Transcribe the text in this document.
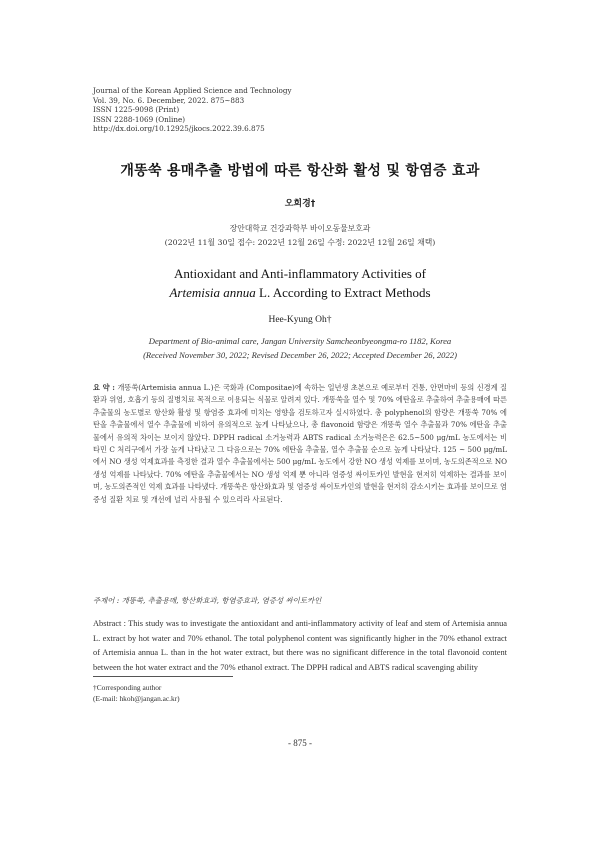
Journal of the Korean Applied Science and Technology
Vol. 39, No. 6. December, 2022. 875~883
ISSN 1225-9098 (Print)
ISSN 2288-1069 (Online)
http://dx.doi.org/10.12925/jkocs.2022.39.6.875
개똥쑥 용매추출 방법에 따른 항산화 활성 및 항염증 효과
오희경†
장안대학교 건강과학부 바이오동물보호과
(2022년 11월 30일 접수: 2022년 12월 26일 수정: 2022년 12월 26일 채택)
Antioxidant and Anti-inflammatory Activities of
Artemisia annua L. According to Extract Methods
Hee-Kyung Oh†
Department of Bio-animal care, Jangan University Samcheonbyeongma-ro 1182, Korea
(Received November 30, 2022; Revised December 26, 2022; Accepted December 26, 2022)
요 약 : 개똥쑥(Artemisia annua L.)은 국화과 (Compositae)에 속하는 일년생 초본으로 예로부터 건통, 안면마비 등의 신경계 질환과 위염, 호흡기 등의 질병치료 목적으로 이용되는 식물로 알려져 있다. 개똥쑥을 열수 및 70% 에탄올로 추출하여 추출용매에 따른 추출물의 농도별로 항산화 활성 및 항염증 효과에 미치는 영향을 검토하고자 실시하였다. 총 polyphenol의 함량은 개똥쑥 70% 에탄올 추출물에서 열수 추출물에 비하여 유의적으로 높게 나타났으나, 총 flavonoid 함량은 개똥쑥 열수 추출물과 70% 에탄올 추출물에서 유의적 차이는 보이지 않았다. DPPH radical 소거능력과 ABTS radical 소거능력은은 62.5~500 μg/mL 농도에서는 비타민 C 처리구에서 가장 높게 나타났고 그 다음으로는 70% 에탄올 추출물, 열수 추출물 순으로 높게 나타났다. 125 ~ 500 μg/mL에서 NO 생성 억제효과를 측정한 결과 열수 추출물에서는 500 μg/mL 농도에서 강한 NO 생성 억제를 보이며, 농도의존적으로 NO 생성 억제를 나타났다. 70% 에탄올 추출물에서는 NO 생성 억제 뿐 아니라 염증성 싸이토카인 발현을 현저히 억제하는 결과를 보이며, 농도의존적인 억제 효과를 나타냈다. 개똥쑥은 항산화효과 및 염증성 싸이토카인의 발현을 현저히 감소시키는 효과를 보이므로 염증성 질환 치료 및 개선에 널리 사용될 수 있으리라 사료된다.
주제어 : 개똥쑥, 추출용매, 항산화효과, 항염증효과, 염증성 싸이토카인
Abstract : This study was to investigate the antioxidant and anti-inflammatory activity of leaf and stem of Artemisia annua L. extract by hot water and 70% ethanol. The total polyphenol content was significantly higher in the 70% ethanol extract of Artemisia annua L. than in the hot water extract, but there was no significant difference in the total flavonoid content between the hot water extract and the 70% ethanol extract. The DPPH radical and ABTS radical scavenging ability
†Corresponding author
(E-mail: hkoh@jangan.ac.kr)
- 875 -
